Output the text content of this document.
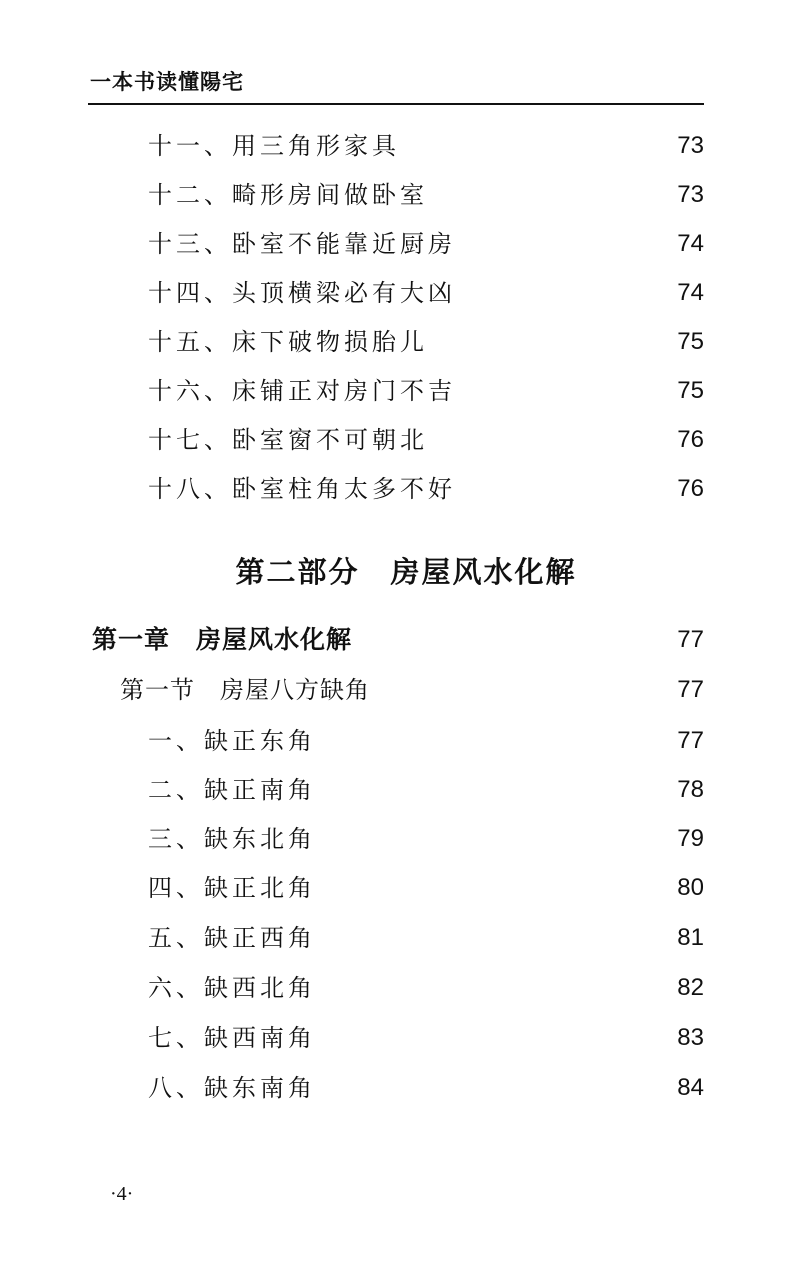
一本书读懂陽宅
十一、用三角形家具	73
十二、畸形房间做卧室	73
十三、卧室不能靠近厨房	74
十四、头顶横梁必有大凶	74
十五、床下破物损胎儿	75
十六、床铺正对房门不吉	75
十七、卧室窗不可朝北	76
十八、卧室柱角太多不好	76
第二部分　房屋风水化解
第一章　房屋风水化解	77
第一节　房屋八方缺角	77
一、缺正东角	77
二、缺正南角	78
三、缺东北角	79
四、缺正北角	80
五、缺正西角	81
六、缺西北角	82
七、缺西南角	83
八、缺东南角	84
·4·
